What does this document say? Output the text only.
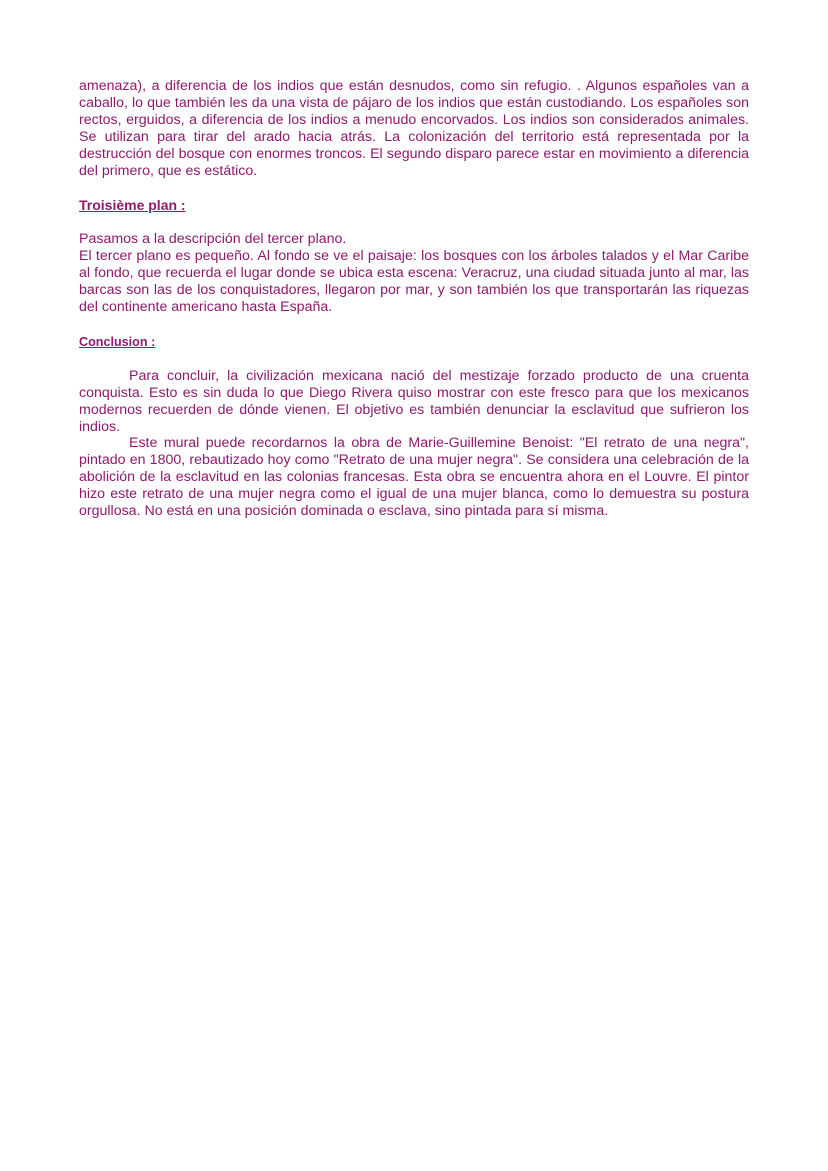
amenaza), a diferencia de los indios que están desnudos, como sin refugio. . Algunos españoles van a caballo, lo que también les da una vista de pájaro de los indios que están custodiando. Los españoles son rectos, erguidos, a diferencia de los indios a menudo encorvados. Los indios son considerados animales. Se utilizan para tirar del arado hacia atrás. La colonización del territorio está representada por la destrucción del bosque con enormes troncos. El segundo disparo parece estar en movimiento a diferencia del primero, que es estático.

Troisième plan :

Pasamos a la descripción del tercer plano.

El tercer plano es pequeño. Al fondo se ve el paisaje: los bosques con los árboles talados y el Mar Caribe al fondo, que recuerda el lugar donde se ubica esta escena: Veracruz, una ciudad situada junto al mar, las barcas son las de los conquistadores, llegaron por mar, y son también los que transportarán las riquezas del continente americano hasta España.

Conclusion :

Para concluir, la civilización mexicana nació del mestizaje forzado producto de una cruenta conquista. Esto es sin duda lo que Diego Rivera quiso mostrar con este fresco para que los mexicanos modernos recuerden de dónde vienen. El objetivo es también denunciar la esclavitud que sufrieron los indios.

Este mural puede recordarnos la obra de Marie-Guillemine Benoist: "El retrato de una negra", pintado en 1800, rebautizado hoy como "Retrato de una mujer negra". Se considera una celebración de la abolición de la esclavitud en las colonias francesas. Esta obra se encuentra ahora en el Louvre. El pintor hizo este retrato de una mujer negra como el igual de una mujer blanca, como lo demuestra su postura orgullosa. No está en una posición dominada o esclava, sino pintada para sí misma.
